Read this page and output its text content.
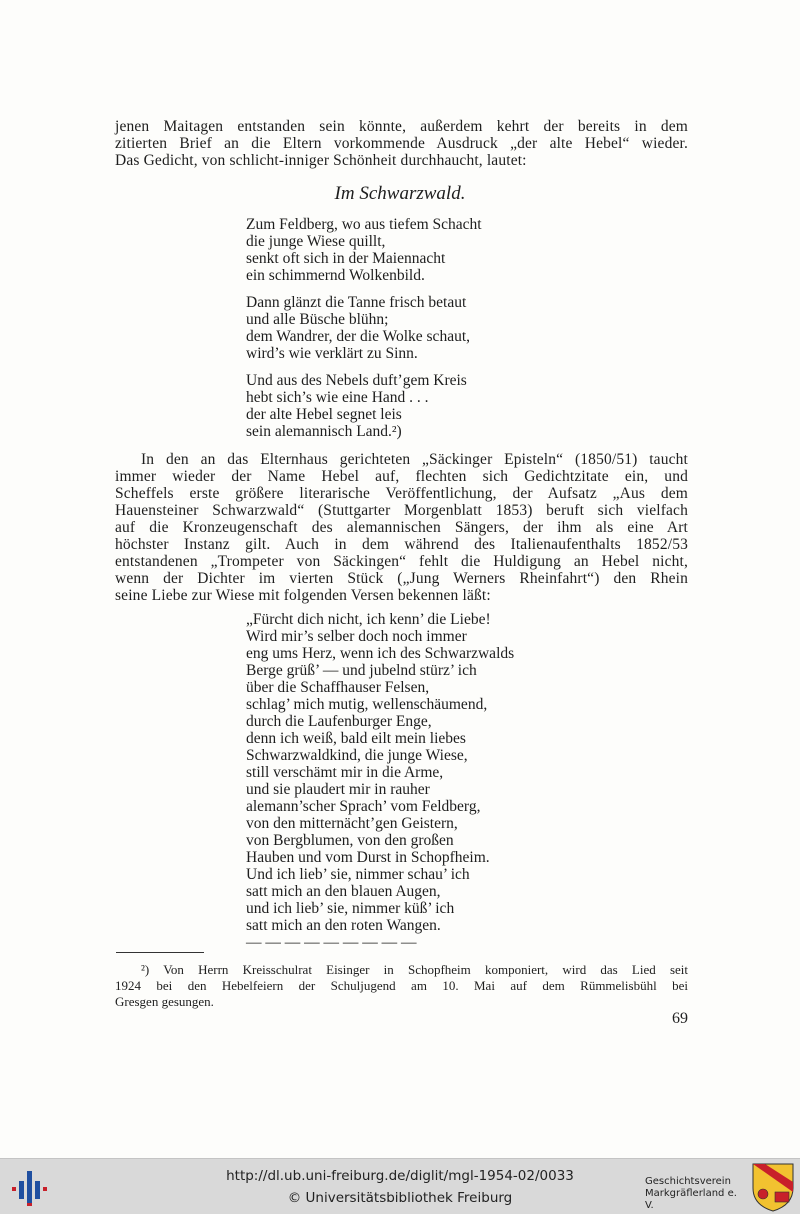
jenen Maitagen entstanden sein könnte, außerdem kehrt der bereits in dem
zitierten Brief an die Eltern vorkommende Ausdruck „der alte Hebel“ wieder.
Das Gedicht, von schlicht-inniger Schönheit durchhaucht, lautet:
Im Schwarzwald.
Zum Feldberg, wo aus tiefem Schacht
die junge Wiese quillt,
senkt oft sich in der Maiennacht
ein schimmernd Wolkenbild.
Dann glänzt die Tanne frisch betaut
und alle Büsche blühn;
dem Wandrer, der die Wolke schaut,
wird’s wie verklärt zu Sinn.
Und aus des Nebels duft’gem Kreis
hebt sich’s wie eine Hand . . .
der alte Hebel segnet leis
sein alemannisch Land.²)
In den an das Elternhaus gerichteten „Säckinger Episteln“ (1850/51) taucht
immer wieder der Name Hebel auf, flechten sich Gedichtzitate ein, und
Scheffels erste größere literarische Veröffentlichung, der Aufsatz „Aus dem
Hauensteiner Schwarzwald“ (Stuttgarter Morgenblatt 1853) beruft sich vielfach
auf die Kronzeugenschaft des alemannischen Sängers, der ihm als eine Art
höchster Instanz gilt. Auch in dem während des Italienaufenthalts 1852/53
entstandenen „Trompeter von Säckingen“ fehlt die Huldigung an Hebel nicht,
wenn der Dichter im vierten Stück („Jung Werners Rheinfahrt“) den Rhein
seine Liebe zur Wiese mit folgenden Versen bekennen läßt:
„Fürcht dich nicht, ich kenn’ die Liebe!
Wird mir’s selber doch noch immer
eng ums Herz, wenn ich des Schwarzwalds
Berge grüß’ — und jubelnd stürz’ ich
über die Schaffhauser Felsen,
schlag’ mich mutig, wellenschäumend,
durch die Laufenburger Enge,
denn ich weiß, bald eilt mein liebes
Schwarzwaldkind, die junge Wiese,
still verschämt mir in die Arme,
und sie plaudert mir in rauher
alemann’scher Sprach’ vom Feldberg,
von den mitternächt’gen Geistern,
von Bergblumen, von den großen
Hauben und vom Durst in Schopfheim.
Und ich lieb’ sie, nimmer schau’ ich
satt mich an den blauen Augen,
und ich lieb’ sie, nimmer küß’ ich
satt mich an den roten Wangen.
— — — — — — — — —
²) Von Herrn Kreisschulrat Eisinger in Schopfheim komponiert, wird das Lied seit
1924 bei den Hebelfeiern der Schuljugend am 10. Mai auf dem Rümmelisbühl bei
Gresgen gesungen.
69
http://dl.ub.uni-freiburg.de/diglit/mgl-1954-02/0033
© Universitätsbibliothek Freiburg
Geschichtsverein
Markgräflerland e. V.
